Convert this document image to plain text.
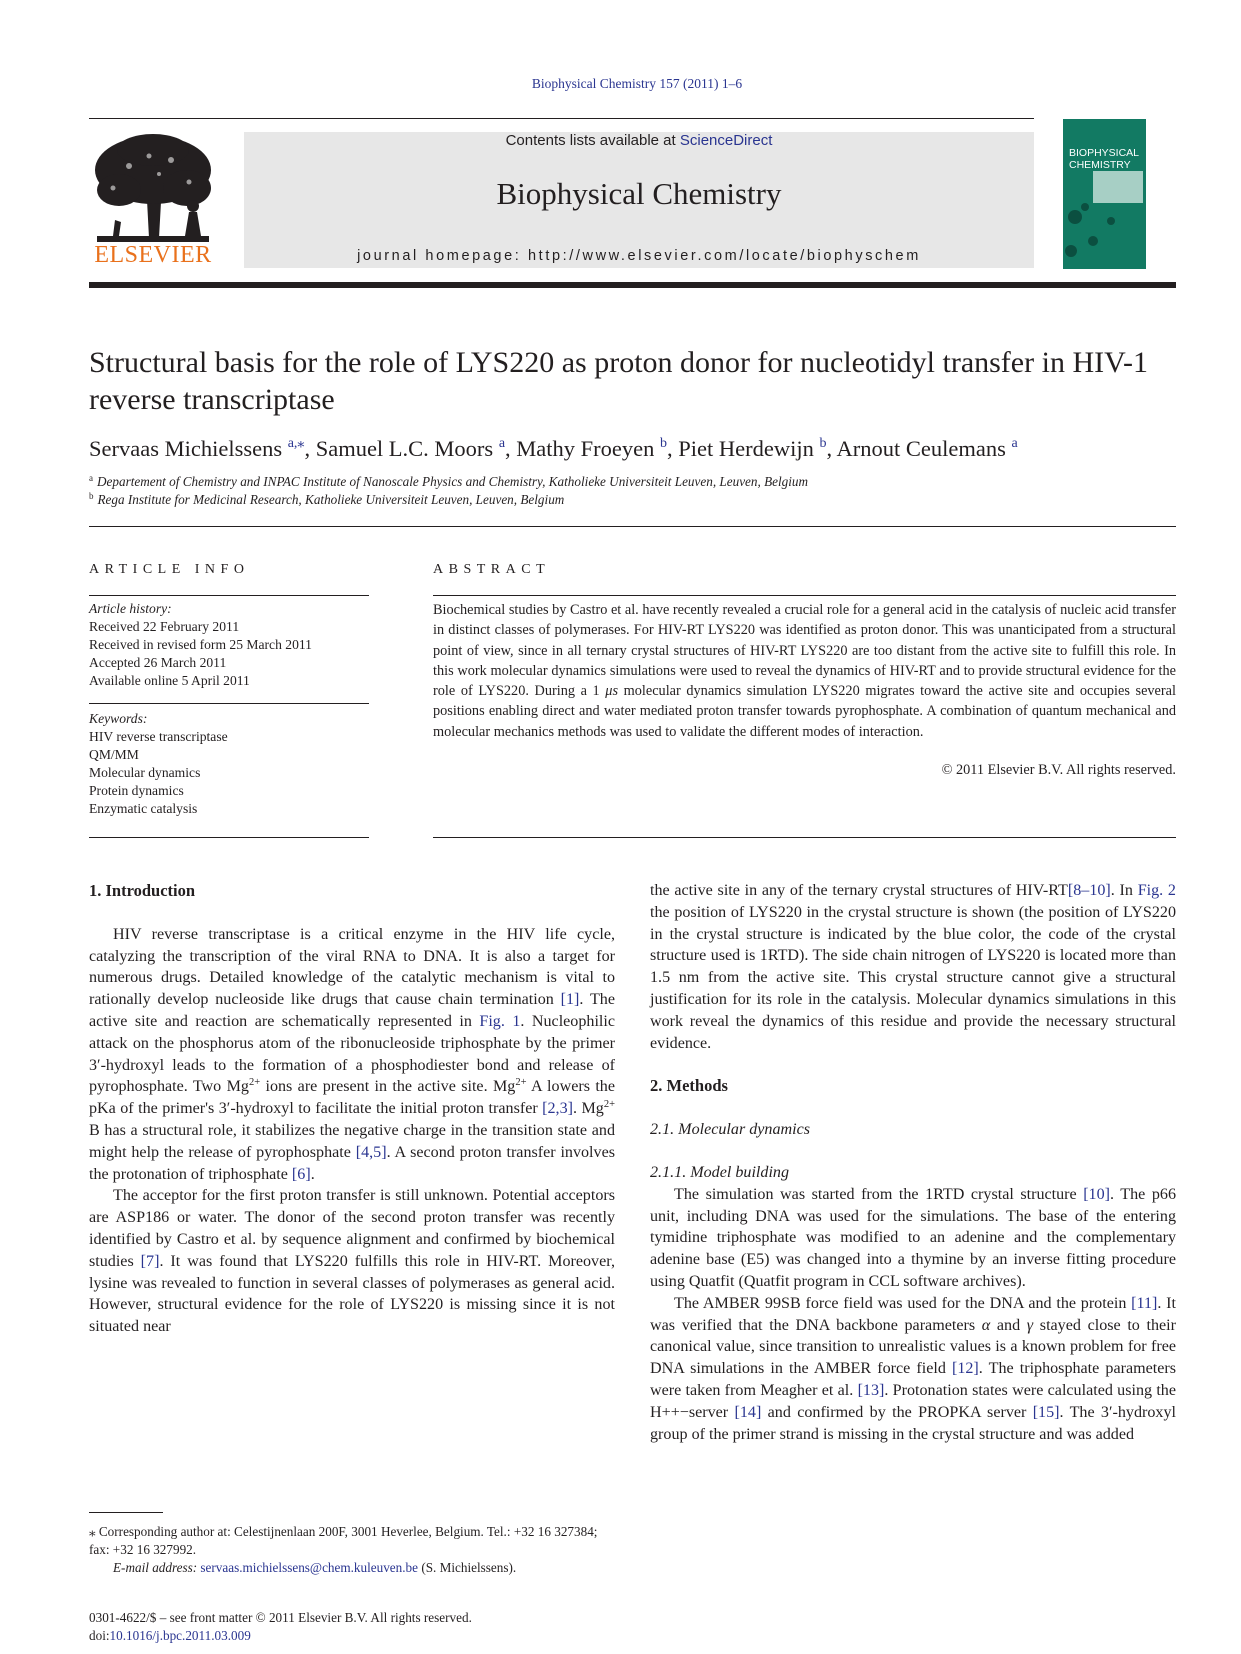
Biophysical Chemistry 157 (2011) 1–6
ELSEVIER
Contents lists available at ScienceDirect
Biophysical Chemistry
journal homepage: http://www.elsevier.com/locate/biophyschem
BIOPHYSICAL
CHEMISTRY
Structural basis for the role of LYS220 as proton donor for nucleotidyl transfer in HIV-1 reverse transcriptase
Servaas Michielssens $^{a,⁎}$, Samuel L.C. Moors $^a$, Mathy Froeyen $^b$, Piet Herdewijn $^b$, Arnout Ceulemans $^a$
$^a$ Departement of Chemistry and INPAC Institute of Nanoscale Physics and Chemistry, Katholieke Universiteit Leuven, Leuven, Belgium
$^b$ Rega Institute for Medicinal Research, Katholieke Universiteit Leuven, Leuven, Belgium
ARTICLE INFO
Article history:
Received 22 February 2011
Received in revised form 25 March 2011
Accepted 26 March 2011
Available online 5 April 2011
Keywords:
HIV reverse transcriptase
QM/MM
Molecular dynamics
Protein dynamics
Enzymatic catalysis
ABSTRACT
Biochemical studies by Castro et al. have recently revealed a crucial role for a general acid in the catalysis of nucleic acid transfer in distinct classes of polymerases. For HIV-RT LYS220 was identified as proton donor. This was unanticipated from a structural point of view, since in all ternary crystal structures of HIV-RT LYS220 are too distant from the active site to fulfill this role. In this work molecular dynamics simulations were used to reveal the dynamics of HIV-RT and to provide structural evidence for the role of LYS220. During a 1 μs molecular dynamics simulation LYS220 migrates toward the active site and occupies several positions enabling direct and water mediated proton transfer towards pyrophosphate. A combination of quantum mechanical and molecular mechanics methods was used to validate the different modes of interaction.
© 2011 Elsevier B.V. All rights reserved.
1. Introduction

HIV reverse transcriptase is a critical enzyme in the HIV life cycle, catalyzing the transcription of the viral RNA to DNA. It is also a target for numerous drugs. Detailed knowledge of the catalytic mechanism is vital to rationally develop nucleoside like drugs that cause chain termination [1]. The active site and reaction are schematically represented in Fig. 1. Nucleophilic attack on the phosphorus atom of the ribonucleoside triphosphate by the primer 3′-hydroxyl leads to the formation of a phosphodiester bond and release of pyrophosphate. Two $Mg^{2+}$ ions are present in the active site. $Mg^{2+}$ A lowers the pKa of the primer's 3′-hydroxyl to facilitate the initial proton transfer [2,3]. $Mg^{2+}$ B has a structural role, it stabilizes the negative charge in the transition state and might help the release of pyrophosphate [4,5]. A second proton transfer involves the protonation of triphosphate [6].

The acceptor for the first proton transfer is still unknown. Potential acceptors are ASP186 or water. The donor of the second proton transfer was recently identified by Castro et al. by sequence alignment and confirmed by biochemical studies [7]. It was found that LYS220 fulfills this role in HIV-RT. Moreover, lysine was revealed to function in several classes of polymerases as general acid. However, structural evidence for the role of LYS220 is missing since it is not situated near

the active site in any of the ternary crystal structures of HIV-RT[8–10]. In Fig. 2 the position of LYS220 in the crystal structure is shown (the position of LYS220 in the crystal structure is indicated by the blue color, the code of the crystal structure used is 1RTD). The side chain nitrogen of LYS220 is located more than 1.5 nm from the active site. This crystal structure cannot give a structural justification for its role in the catalysis. Molecular dynamics simulations in this work reveal the dynamics of this residue and provide the necessary structural evidence.

2. Methods
2.1. Molecular dynamics
2.1.1. Model building

The simulation was started from the 1RTD crystal structure [10]. The p66 unit, including DNA was used for the simulations. The base of the entering tymidine triphosphate was modified to an adenine and the complementary adenine base (E5) was changed into a thymine by an inverse fitting procedure using Quatfit (Quatfit program in CCL software archives).

The AMBER 99SB force field was used for the DNA and the protein [11]. It was verified that the DNA backbone parameters α and γ stayed close to their canonical value, since transition to unrealistic values is a known problem for free DNA simulations in the AMBER force field [12]. The triphosphate parameters were taken from Meagher et al. [13]. Protonation states were calculated using the H++−server [14] and confirmed by the PROPKA server [15]. The 3′-hydroxyl group of the primer strand is missing in the crystal structure and was added

⁎ Corresponding author at: Celestijnenlaan 200F, 3001 Heverlee, Belgium. Tel.: +32 16 327384; fax: +32 16 327992.
E-mail address: servaas.michielssens@chem.kuleuven.be (S. Michielssens).
0301-4622/$ – see front matter © 2011 Elsevier B.V. All rights reserved.
doi:10.1016/j.bpc.2011.03.009
